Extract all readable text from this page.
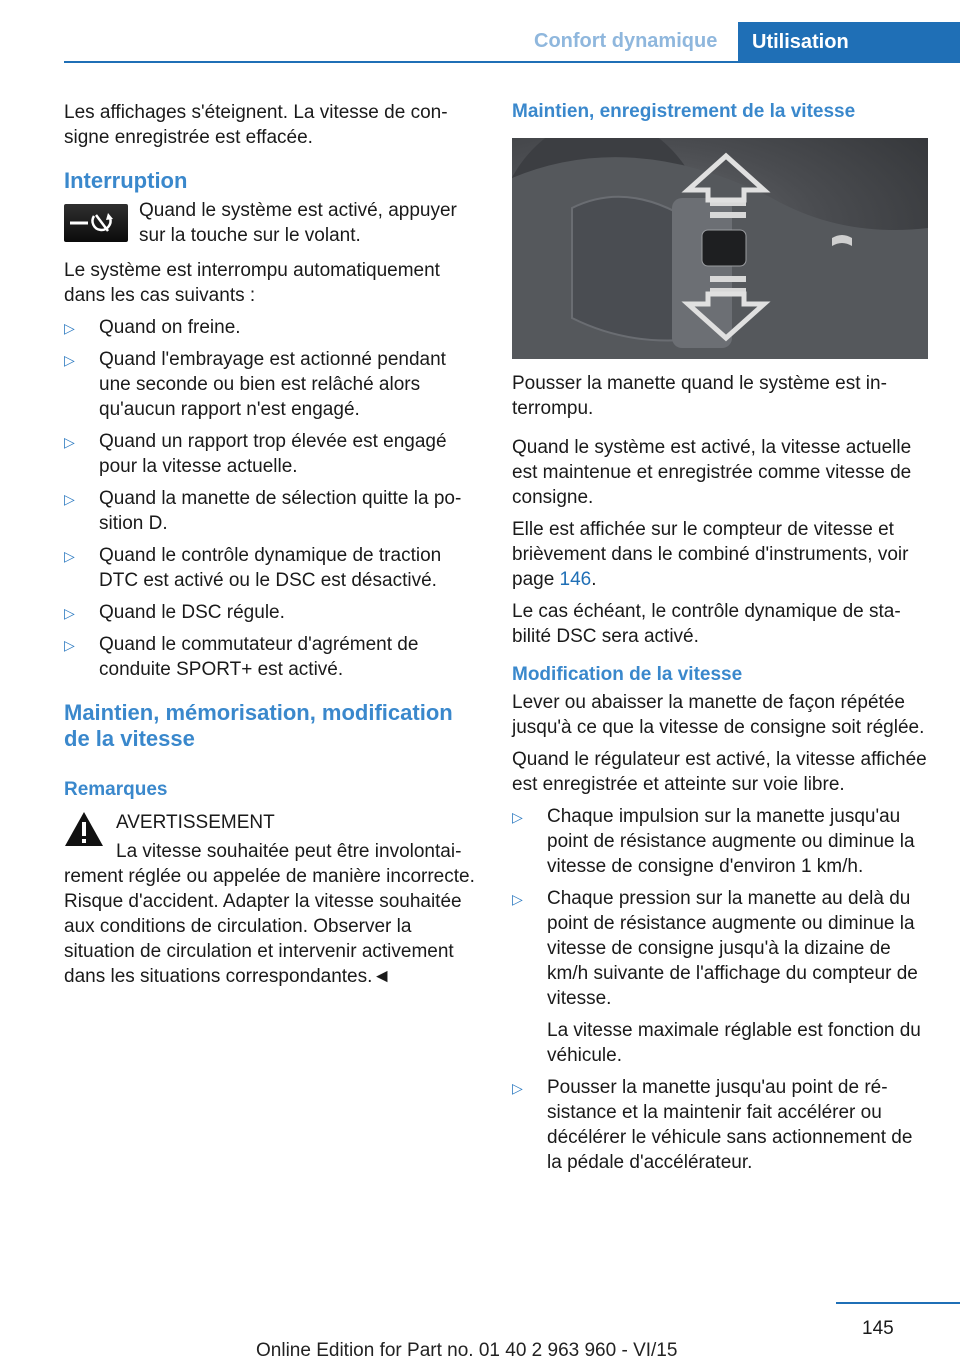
Confort dynamique	Utilisation

Les affichages s'éteignent. La vitesse de consigne enregistrée est effacée.

Interruption
Quand le système est activé, appuyer sur la touche sur le volant.

Le système est interrompu automatiquement dans les cas suivants :

▷ Quand on freine.
▷ Quand l'embrayage est actionné pendant une seconde ou bien est relâché alors qu'aucun rapport n'est engagé.
▷ Quand un rapport trop élevée est engagé pour la vitesse actuelle.
▷ Quand la manette de sélection quitte la position D.
▷ Quand le contrôle dynamique de traction DTC est activé ou le DSC est désactivé.
▷ Quand le DSC régule.
▷ Quand le commutateur d'agrément de conduite SPORT+ est activé.
Maintien, mémorisation, modification de la vitesse
Remarques
AVERTISSEMENT
La vitesse souhaitée peut être involontairement réglée ou appelée de manière incorrecte. Risque d'accident. Adapter la vitesse souhaitée aux conditions de circulation. Observer la situation de circulation et intervenir activement dans les situations correspondantes.◄
Maintien, enregistrement de la vitesse

Pousser la manette quand le système est interrompu.

Quand le système est activé, la vitesse actuelle est maintenue et enregistrée comme vitesse de consigne.

Elle est affichée sur le compteur de vitesse et brièvement dans le combiné d'instruments, voir page 146.

Le cas échéant, le contrôle dynamique de stabilité DSC sera activé.

Modification de la vitesse

Lever ou abaisser la manette de façon répétée jusqu'à ce que la vitesse de consigne soit réglée.

Quand le régulateur est activé, la vitesse affichée est enregistrée et atteinte sur voie libre.

▷ Chaque impulsion sur la manette jusqu'au point de résistance augmente ou diminue la vitesse de consigne d'environ 1 km/h.
▷ Chaque pression sur la manette au delà du point de résistance augmente ou diminue la vitesse de consigne jusqu'à la dizaine de km/h suivante de l'affichage du compteur de vitesse.
La vitesse maximale réglable est fonction du véhicule.
▷ Pousser la manette jusqu'au point de résistance et la maintenir fait accélérer ou décélérer le véhicule sans actionnement de la pédale d'accélérateur.
145
Online Edition for Part no. 01 40 2 963 960 - VI/15
